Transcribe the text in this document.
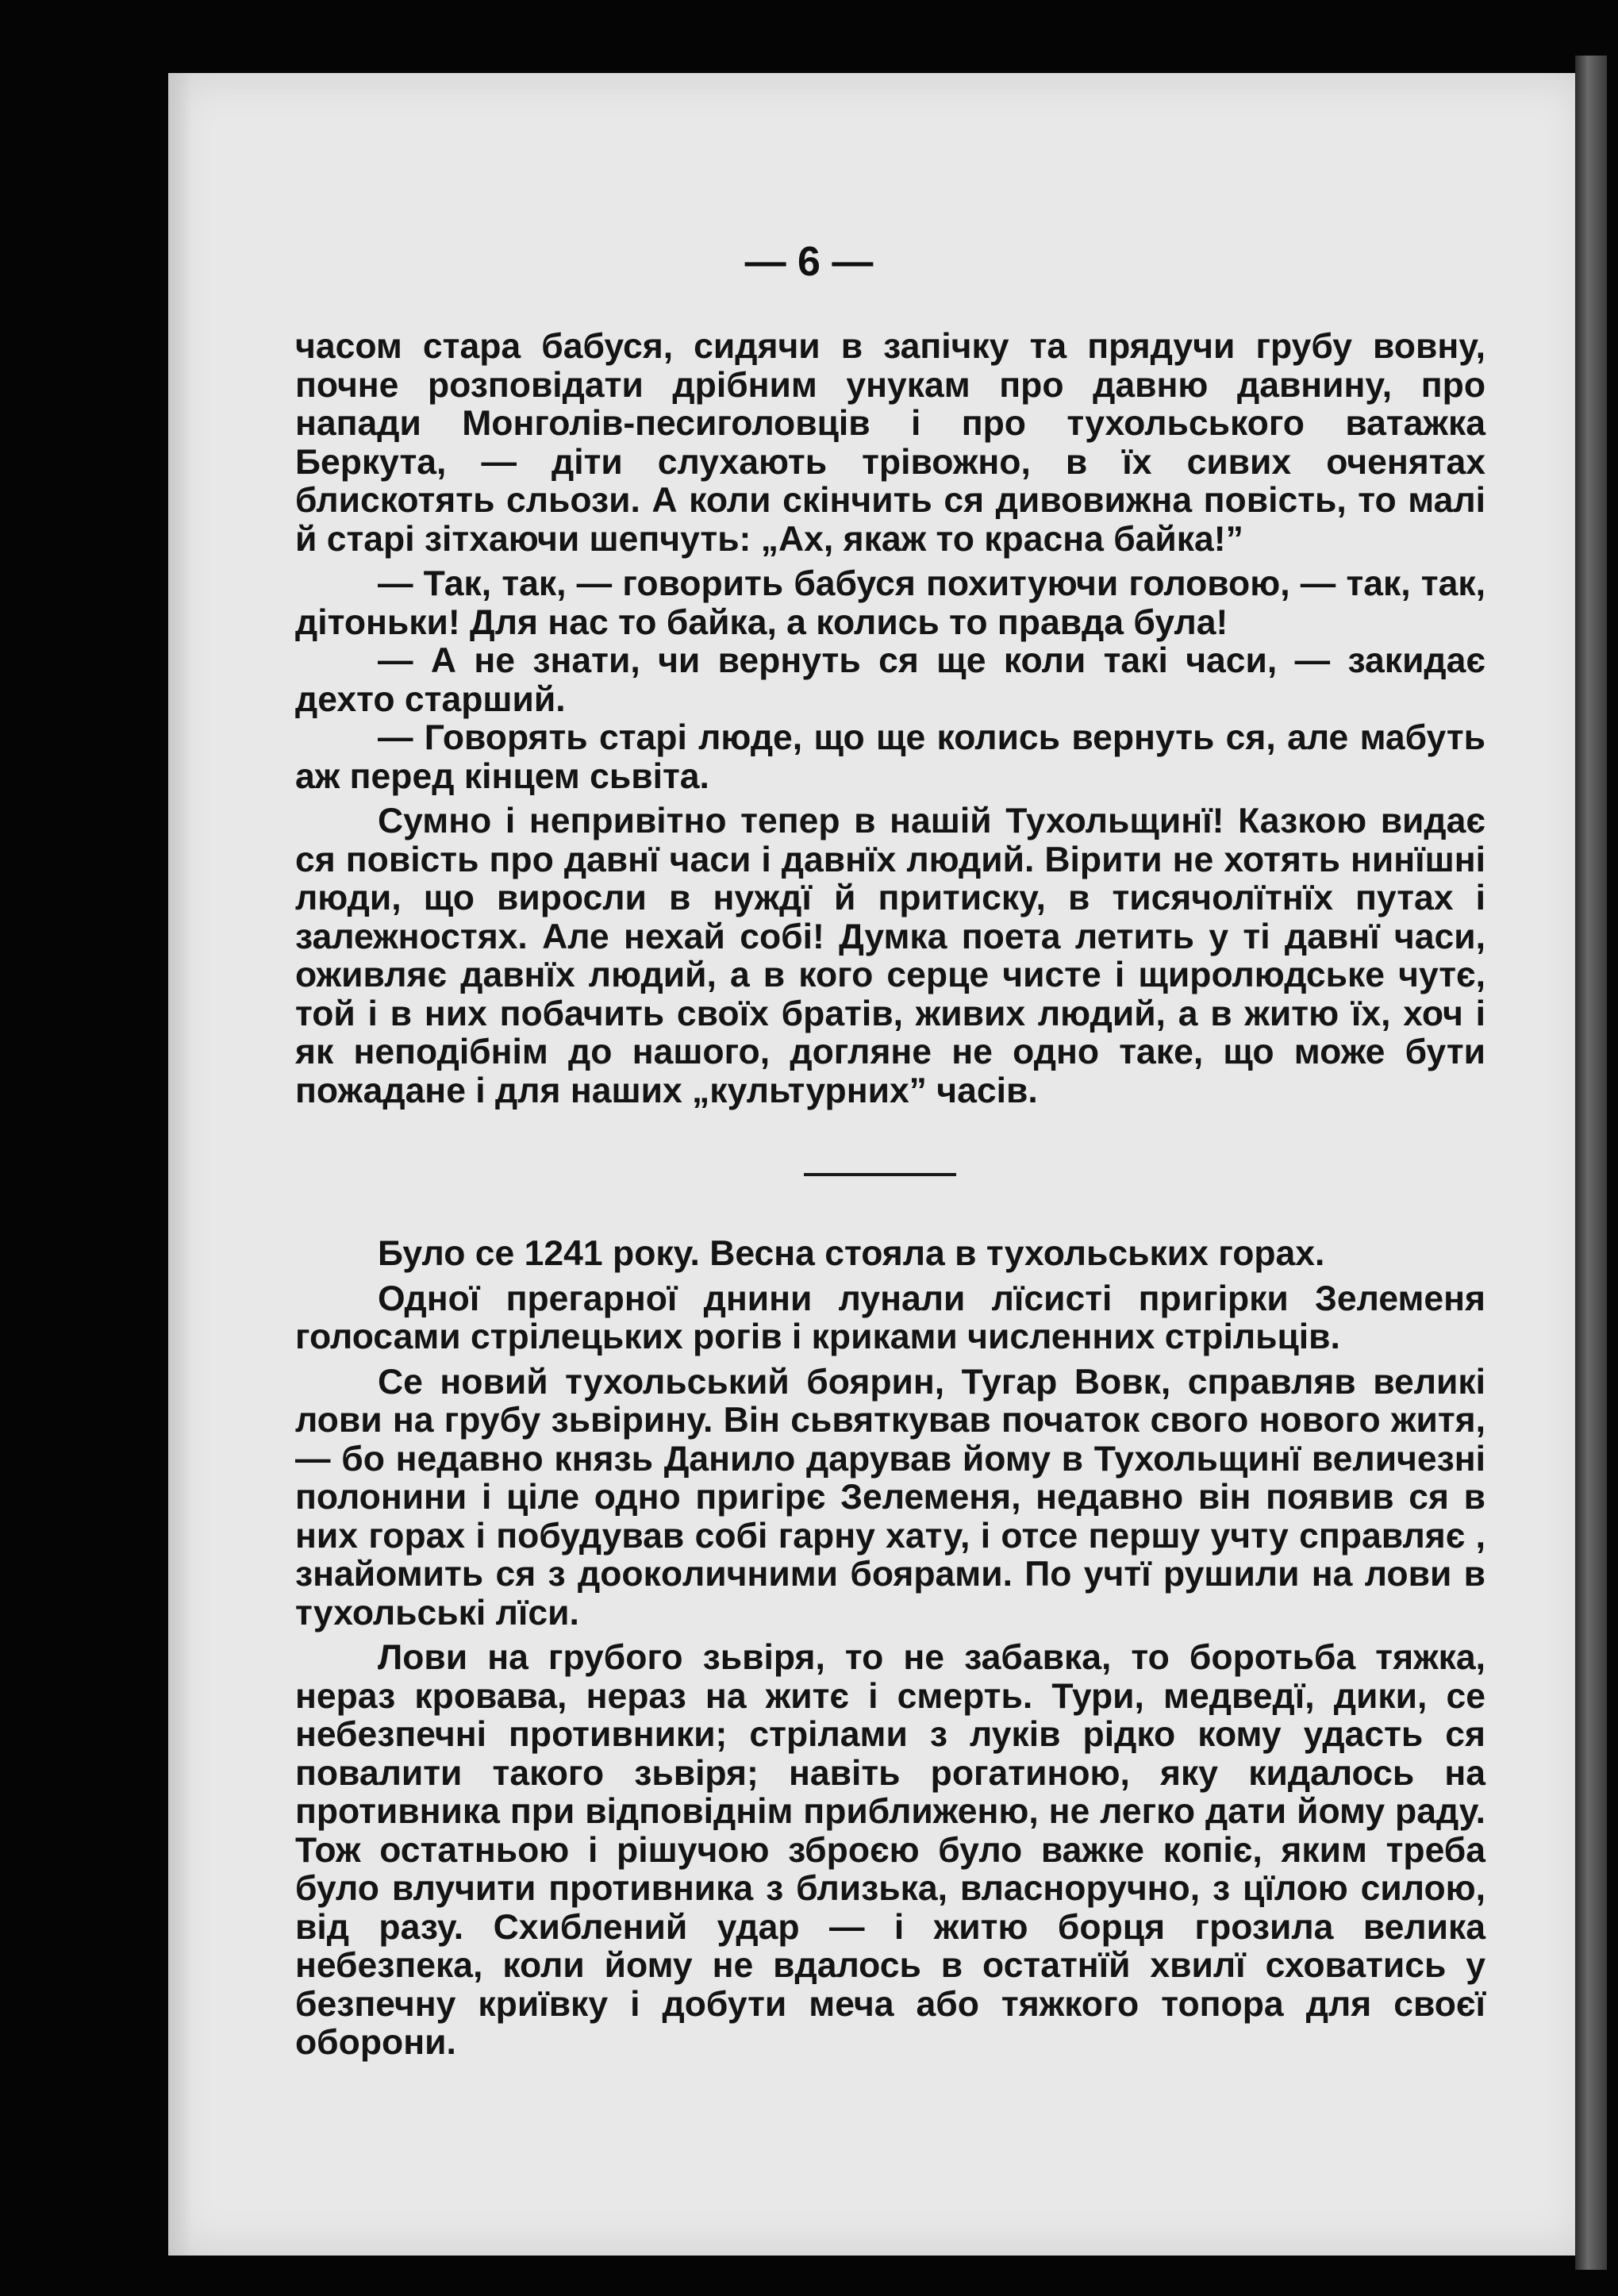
— 6 —

часом стара бабуся, сидячи в запічку та прядучи грубу вовну, почне розповідати дрібним унукам про давню давнину, про напади Монголів-песиголовців і про тухольського ватажка Беркута, — діти слухають трівожно, в їх сивих оченятах блискотять сльози. А коли скінчить ся дивовижна повість, то малі й старі зітхаючи шепчуть: „Ах, якаж то красна байка!”

— Так, так, — говорить бабуся похитуючи головою, — так, так, дітоньки! Для нас то байка, а колись то правда була!

— А не знати, чи вернуть ся ще коли такі часи, — закидає дехто старший.

— Говорять старі люде, що ще колись вернуть ся, але мабуть аж перед кінцем сьвіта.

Сумно і непривітно тепер в нашій Тухольщинї! Казкою видає ся повість про давнї часи і давнїх людий. Вірити не хотять нинїшні люди, що виросли в нуждї й притиску, в тисячолїтнїх путах і залежностях. Але нехай собі! Думка поета летить у ті давнї часи, оживляє давнїх людий, а в кого серце чисте і щиролюдське чутє, той і в них побачить своїх братів, живих людий, а в житю їх, хоч і як неподібнім до нашого, догляне не одно таке, що може бути пожадане і для наших „культурних” часів.

Було се 1241 року. Весна стояла в тухольських горах.

Одної прегарної днини лунали лїсисті пригірки Зелеменя голосами стрілецьких рогів і криками численних стрільців.

Се новий тухольський боярин, Тугар Вовк, справляв великі лови на грубу зьвірину. Він сьвяткував початок свого нового житя, — бо недавно князь Данило дарував йому в Тухольщинї величезні полонини і ціле одно пригірє Зелеменя, недавно він появив ся в них горах і побудував собі гарну хату, і отсе першу учту справляє , знайомить ся з доокoличними боярами. По учтї рушили на лови в тухольські лїси.

Лови на грубого зьвіря, то не забавка, то боротьба тяжка, нераз кровава, нераз на житє і смерть. Тури, медведї, дики, се небезпечні противники; стрілами з луків рідко кому удасть ся повалити такого зьвіря; навіть рогатиною, яку кидалось на противника при відповіднім приближеню, не легко дати йому раду. Тож остатньою і рішучою зброєю було важке копіє, яким треба було влучити противника з близька, власноручно, з цїлою силою, від разу. Схиблений удар — і житю борця грозила велика небезпека, коли йому не вдалось в остатнїй хвилї сховатись у безпечну криївку і добути меча або тяжкого топора для своєї оборони.
